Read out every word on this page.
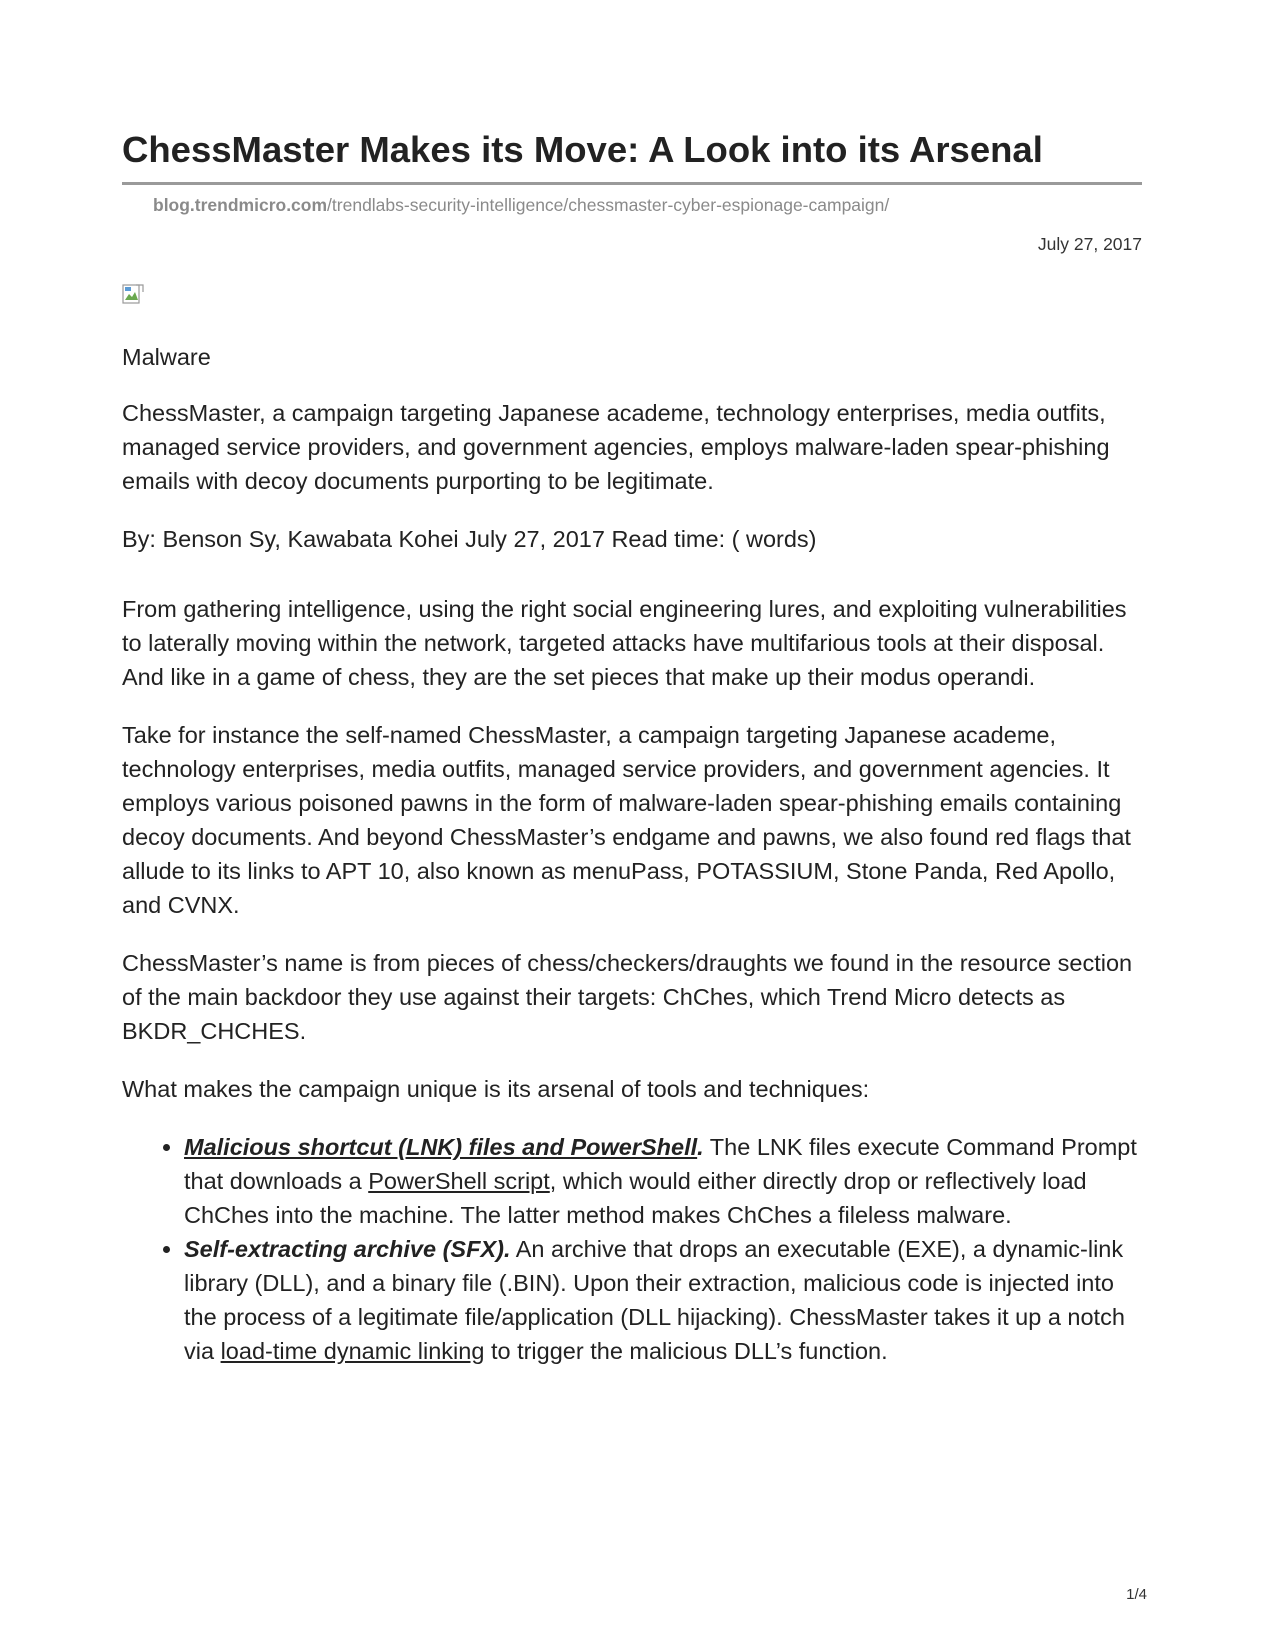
ChessMaster Makes its Move: A Look into its Arsenal
blog.trendmicro.com/trendlabs-security-intelligence/chessmaster-cyber-espionage-campaign/
July 27, 2017

Malware

ChessMaster, a campaign targeting Japanese academe, technology enterprises, media outfits, managed service providers, and government agencies, employs malware-laden spear-phishing emails with decoy documents purporting to be legitimate.

By: Benson Sy, Kawabata Kohei July 27, 2017 Read time: ( words)

From gathering intelligence, using the right social engineering lures, and exploiting vulnerabilities to laterally moving within the network, targeted attacks have multifarious tools at their disposal. And like in a game of chess, they are the set pieces that make up their modus operandi.

Take for instance the self-named ChessMaster, a campaign targeting Japanese academe, technology enterprises, media outfits, managed service providers, and government agencies. It employs various poisoned pawns in the form of malware-laden spear-phishing emails containing decoy documents. And beyond ChessMaster’s endgame and pawns, we also found red flags that allude to its links to APT 10, also known as menuPass, POTASSIUM, Stone Panda, Red Apollo, and CVNX.

ChessMaster’s name is from pieces of chess/checkers/draughts we found in the resource section of the main backdoor they use against their targets: ChChes, which Trend Micro detects as BKDR_CHCHES.

What makes the campaign unique is its arsenal of tools and techniques:

• Malicious shortcut (LNK) files and PowerShell. The LNK files execute Command Prompt that downloads a PowerShell script, which would either directly drop or reflectively load ChChes into the machine. The latter method makes ChChes a fileless malware.
• Self-extracting archive (SFX). An archive that drops an executable (EXE), a dynamic-link library (DLL), and a binary file (.BIN). Upon their extraction, malicious code is injected into the process of a legitimate file/application (DLL hijacking). ChessMaster takes it up a notch via load-time dynamic linking to trigger the malicious DLL’s function.
1/4
